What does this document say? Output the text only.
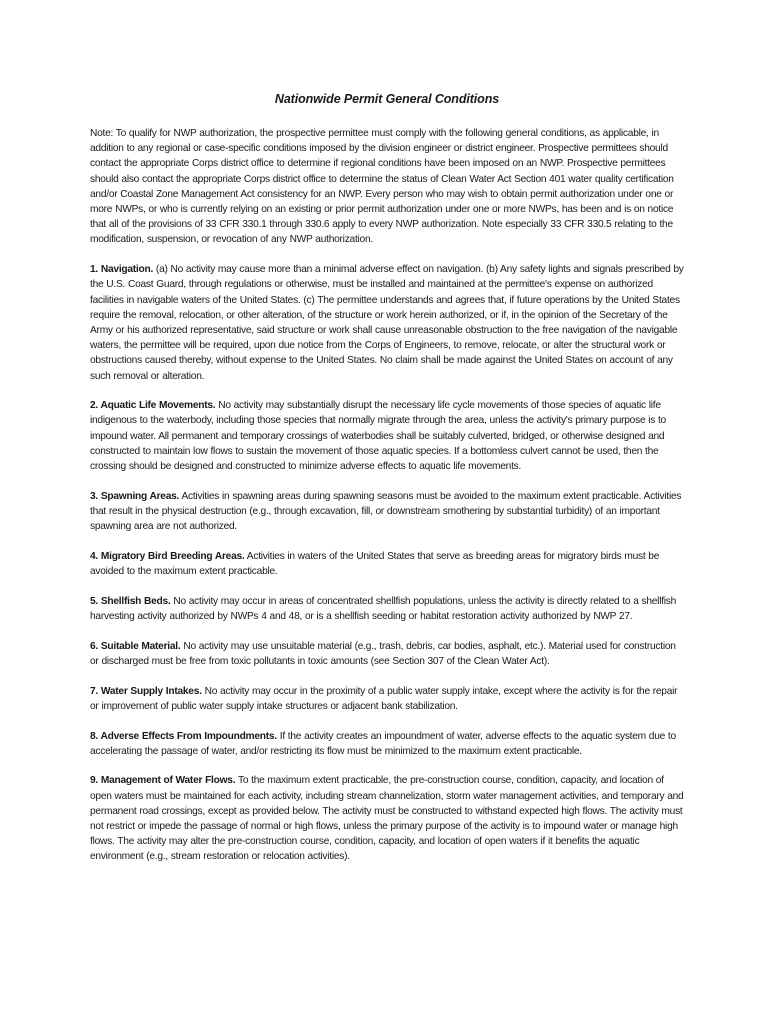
Nationwide Permit General Conditions

Note: To qualify for NWP authorization, the prospective permittee must comply with the following general conditions, as applicable, in addition to any regional or case-specific conditions imposed by the division engineer or district engineer. Prospective permittees should contact the appropriate Corps district office to determine if regional conditions have been imposed on an NWP. Prospective permittees should also contact the appropriate Corps district office to determine the status of Clean Water Act Section 401 water quality certification and/or Coastal Zone Management Act consistency for an NWP. Every person who may wish to obtain permit authorization under one or more NWPs, or who is currently relying on an existing or prior permit authorization under one or more NWPs, has been and is on notice that all of the provisions of 33 CFR 330.1 through 330.6 apply to every NWP authorization. Note especially 33 CFR 330.5 relating to the modification, suspension, or revocation of any NWP authorization.

1. Navigation. (a) No activity may cause more than a minimal adverse effect on navigation. (b) Any safety lights and signals prescribed by the U.S. Coast Guard, through regulations or otherwise, must be installed and maintained at the permittee's expense on authorized facilities in navigable waters of the United States. (c) The permittee understands and agrees that, if future operations by the United States require the removal, relocation, or other alteration, of the structure or work herein authorized, or if, in the opinion of the Secretary of the Army or his authorized representative, said structure or work shall cause unreasonable obstruction to the free navigation of the navigable waters, the permittee will be required, upon due notice from the Corps of Engineers, to remove, relocate, or alter the structural work or obstructions caused thereby, without expense to the United States. No claim shall be made against the United States on account of any such removal or alteration.

2. Aquatic Life Movements. No activity may substantially disrupt the necessary life cycle movements of those species of aquatic life indigenous to the waterbody, including those species that normally migrate through the area, unless the activity's primary purpose is to impound water. All permanent and temporary crossings of waterbodies shall be suitably culverted, bridged, or otherwise designed and constructed to maintain low flows to sustain the movement of those aquatic species. If a bottomless culvert cannot be used, then the crossing should be designed and constructed to minimize adverse effects to aquatic life movements.

3. Spawning Areas. Activities in spawning areas during spawning seasons must be avoided to the maximum extent practicable. Activities that result in the physical destruction (e.g., through excavation, fill, or downstream smothering by substantial turbidity) of an important spawning area are not authorized.

4. Migratory Bird Breeding Areas. Activities in waters of the United States that serve as breeding areas for migratory birds must be avoided to the maximum extent practicable.

5. Shellfish Beds. No activity may occur in areas of concentrated shellfish populations, unless the activity is directly related to a shellfish harvesting activity authorized by NWPs 4 and 48, or is a shellfish seeding or habitat restoration activity authorized by NWP 27.

6. Suitable Material. No activity may use unsuitable material (e.g., trash, debris, car bodies, asphalt, etc.). Material used for construction or discharged must be free from toxic pollutants in toxic amounts (see Section 307 of the Clean Water Act).

7. Water Supply Intakes. No activity may occur in the proximity of a public water supply intake, except where the activity is for the repair or improvement of public water supply intake structures or adjacent bank stabilization.

8. Adverse Effects From Impoundments. If the activity creates an impoundment of water, adverse effects to the aquatic system due to accelerating the passage of water, and/or restricting its flow must be minimized to the maximum extent practicable.

9. Management of Water Flows. To the maximum extent practicable, the pre-construction course, condition, capacity, and location of open waters must be maintained for each activity, including stream channelization, storm water management activities, and temporary and permanent road crossings, except as provided below. The activity must be constructed to withstand expected high flows. The activity must not restrict or impede the passage of normal or high flows, unless the primary purpose of the activity is to impound water or manage high flows. The activity may alter the pre-construction course, condition, capacity, and location of open waters if it benefits the aquatic environment (e.g., stream restoration or relocation activities).
